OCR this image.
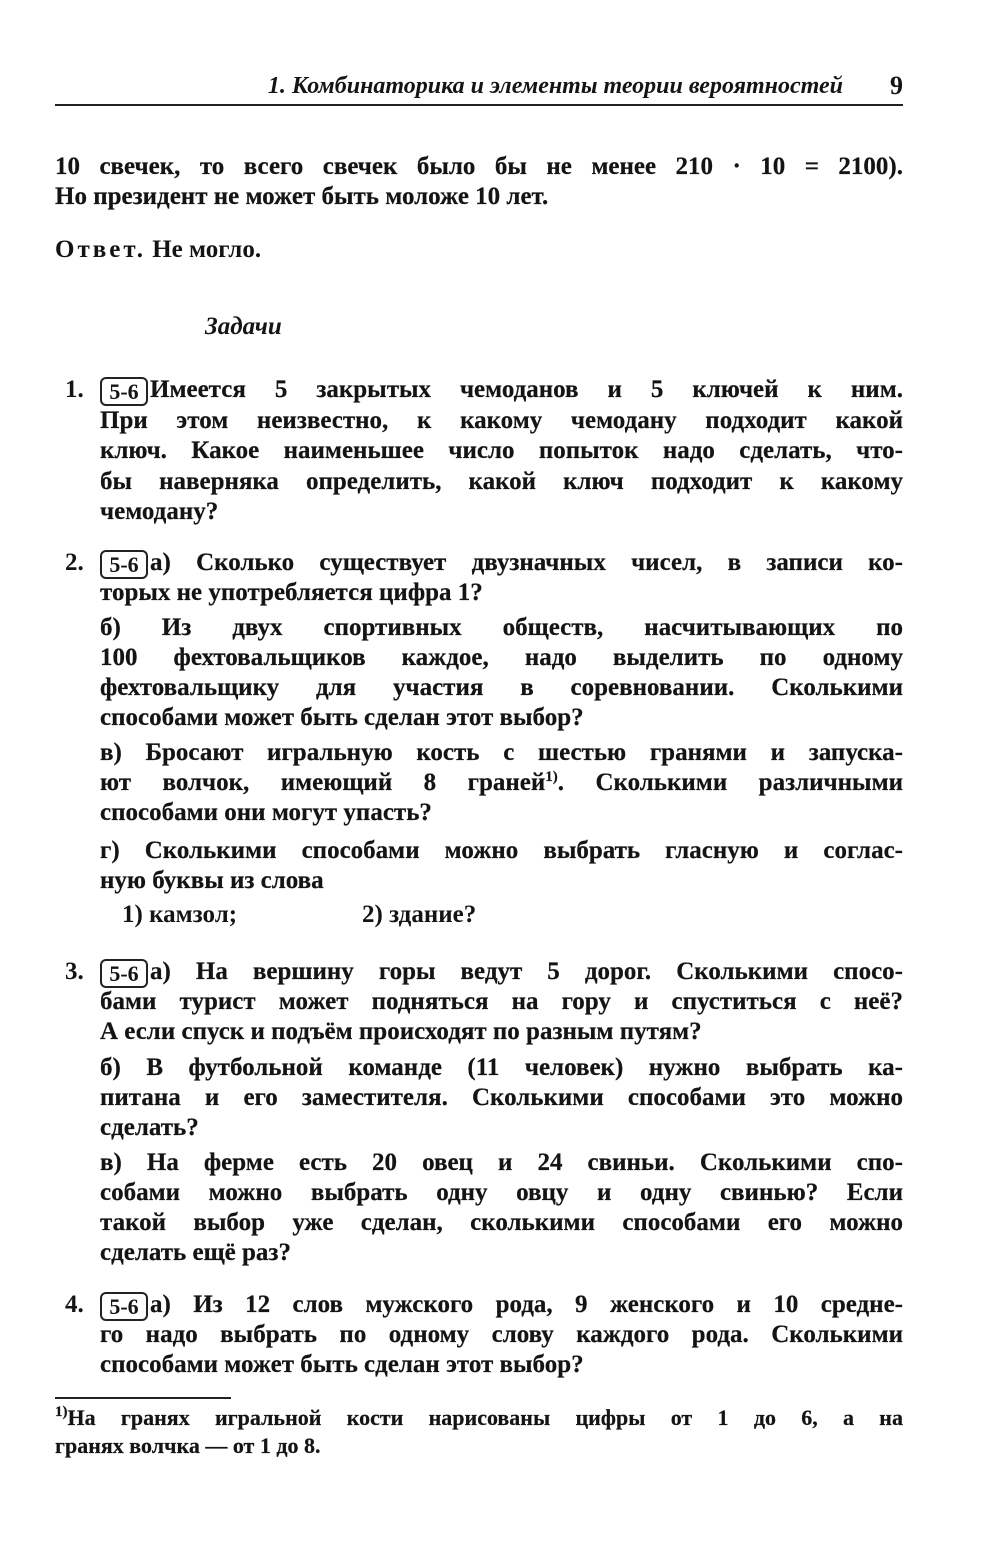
1. Комбинаторика и элементы теории вероятностей 9
10 свечек, то всего свечек было бы не менее 210 · 10 = 2100).
Но президент не может быть моложе 10 лет.
Ответ. Не могло.
Задачи
1.	5-6 Имеется 5 закрытых чемоданов и 5 ключей к ним.
При этом неизвестно, к какому чемодану подходит какой
ключ. Какое наименьшее число попыток надо сделать, что-
бы наверняка определить, какой ключ подходит к какому
чемодану?
2.	5-6 а) Сколько существует двузначных чисел, в записи ко-
торых не употребляется цифра 1?
б) Из двух спортивных обществ, насчитывающих по
100 фехтовальщиков каждое, надо выделить по одному
фехтовальщику для участия в соревновании. Сколькими
способами может быть сделан этот выбор?
в) Бросают игральную кость с шестью гранями и запуска-
ют волчок, имеющий 8 граней$^{1)}$. Сколькими различными
способами они могут упасть?
г) Сколькими способами можно выбрать гласную и соглас-
ную буквы из слова
1) камзол;	2) здание?
3.	5-6 а) На вершину горы ведут 5 дорог. Сколькими спосо-
бами турист может подняться на гору и спуститься с неё?
А если спуск и подъём происходят по разным путям?
б) В футбольной команде (11 человек) нужно выбрать ка-
питана и его заместителя. Сколькими способами это можно
сделать?
в) На ферме есть 20 овец и 24 свиньи. Сколькими спо-
собами можно выбрать одну овцу и одну свинью? Если
такой выбор уже сделан, сколькими способами его можно
сделать ещё раз?
4.	5-6 а) Из 12 слов мужского рода, 9 женского и 10 средне-
го надо выбрать по одному слову каждого рода. Сколькими
способами может быть сделан этот выбор?
$^{1)}$На гранях игральной кости нарисованы цифры от 1 до 6, а на
гранях волчка — от 1 до 8.
